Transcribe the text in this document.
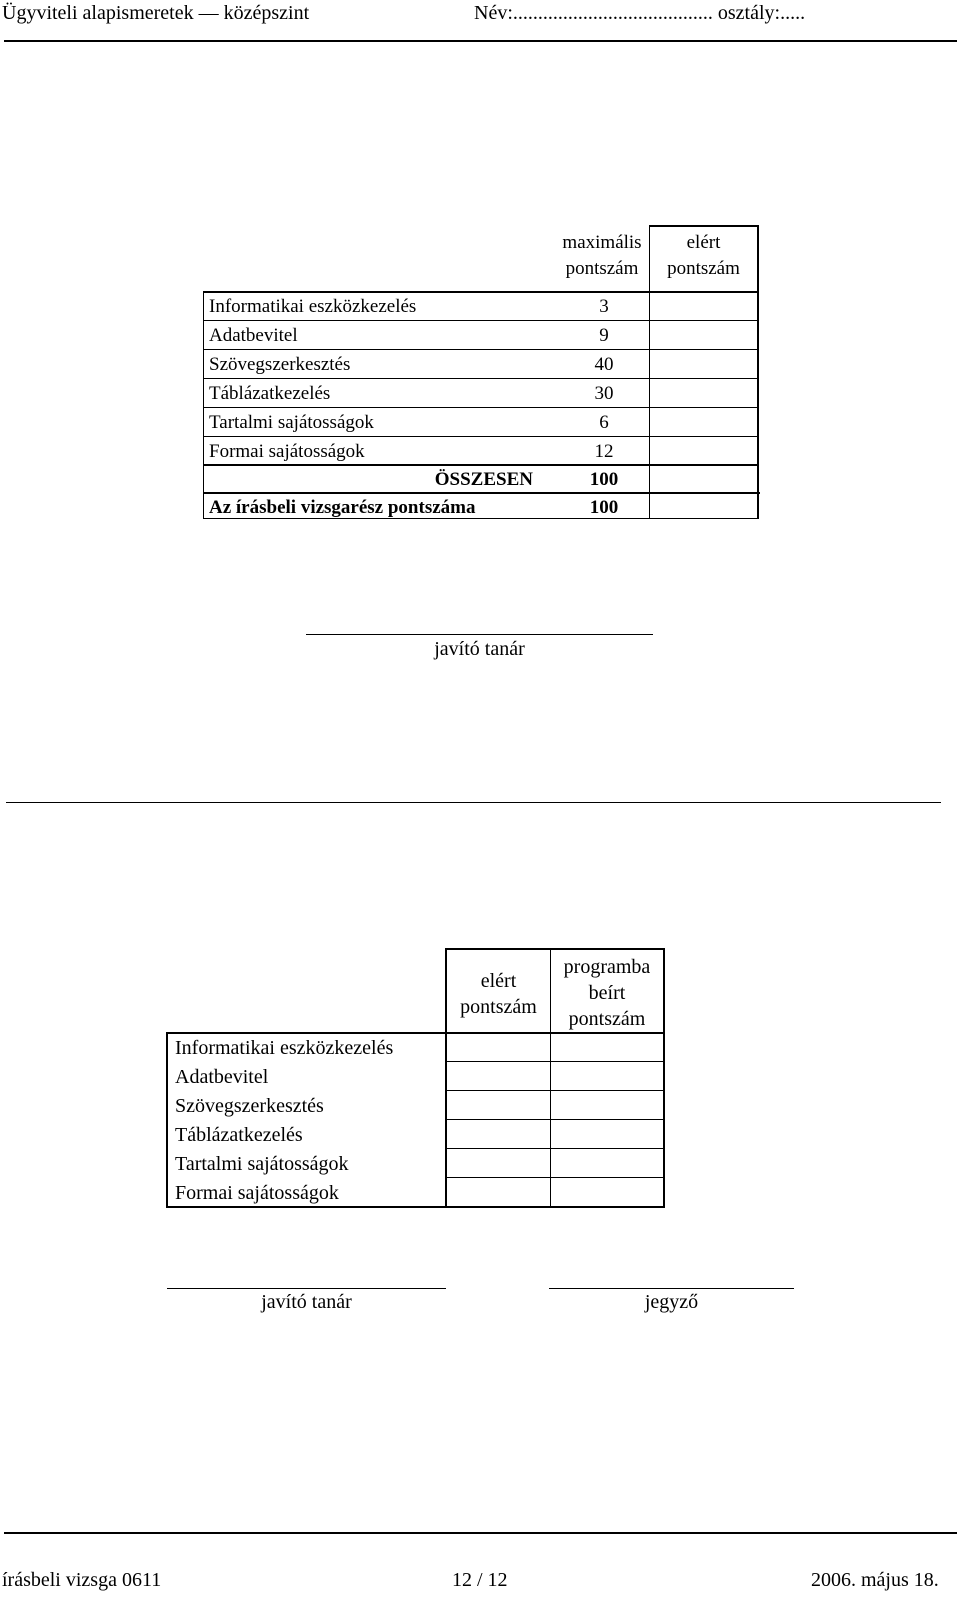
Ügyviteli alapismeretek — középszint	Név:........................................ osztály:.....
maximális pontszám
elért pontszám
Informatikai eszközkezelés	3
Adatbevitel	9
Szövegszerkesztés	40
Táblázatkezelés	30
Tartalmi sajátosságok	6
Formai sajátosságok	12
ÖSSZESEN	100
Az írásbeli vizsgarész pontszáma	100
javító tanár
elért pontszám
programba beírt pontszám
Informatikai eszközkezelés
Adatbevitel
Szövegszerkesztés
Táblázatkezelés
Tartalmi sajátosságok
Formai sajátosságok
javító tanár	jegyző
írásbeli vizsga 0611	12 / 12	2006. május 18.
